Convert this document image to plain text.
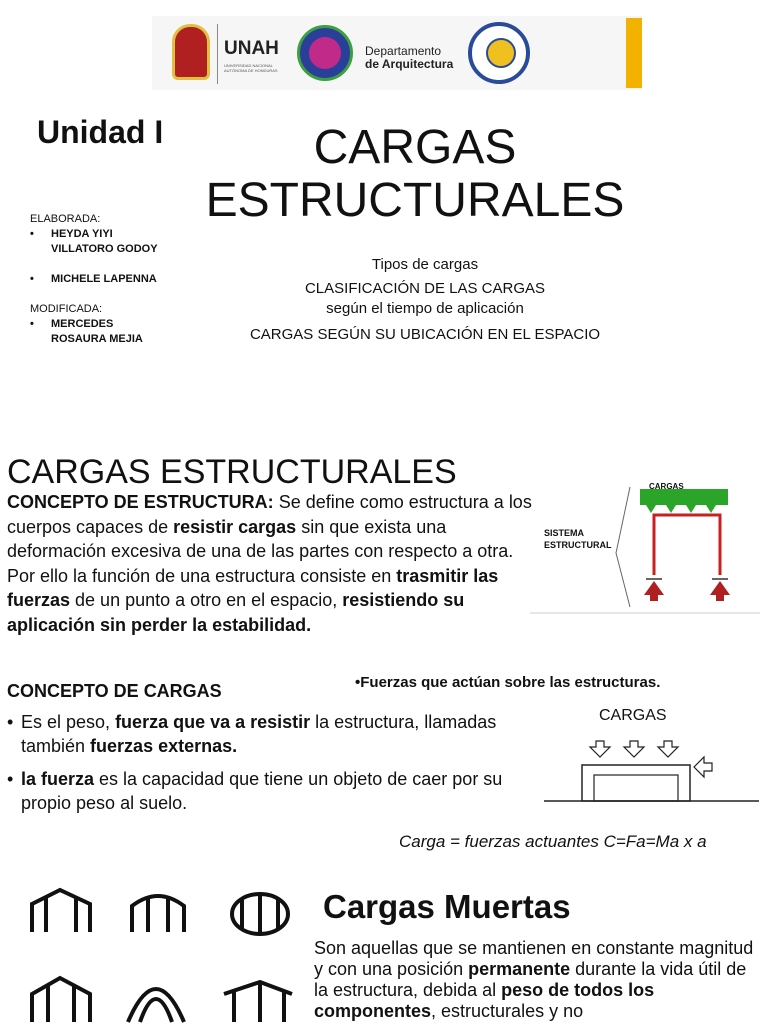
UNAH
UNIVERSIDAD NACIONAL
AUTÓNOMA DE HONDURAS
Departamento
de Arquitectura
Unidad I	CARGAS
ESTRUCTURALES
ELABORADA:
• HEYDA YIYI
VILLATORO GODOY
• MICHELE LAPENNA
MODIFICADA:
• MERCEDES
ROSAURA MEJIA
Tipos de cargas
CLASIFICACIÓN DE LAS CARGAS
según el tiempo de aplicación
CARGAS SEGÚN SU UBICACIÓN EN EL ESPACIO
CARGAS ESTRUCTURALES
CONCEPTO DE ESTRUCTURA: Se define como estructura a los cuerpos capaces de resistir cargas sin que exista una deformación excesiva de una de las partes con respecto a otra. Por ello la función de una estructura consiste en trasmitir las fuerzas de un punto a otro en el espacio, resistiendo su aplicación sin perder la estabilidad.
CARGAS
SISTEMA
ESTRUCTURAL
CONCEPTO DE CARGAS	•Fuerzas que actúan sobre las estructuras.
• Es el peso, fuerza que va a resistir la estructura, llamadas también fuerzas externas.
• la fuerza es la capacidad que tiene un objeto de caer por su propio peso al suelo.
CARGAS
Carga = fuerzas actuantes C=Fa=Ma x a
Cargas Muertas
Son aquellas que se mantienen en constante magnitud y con una posición permanente durante la vida útil de la estructura, debida al peso de todos los componentes, estructurales y no
